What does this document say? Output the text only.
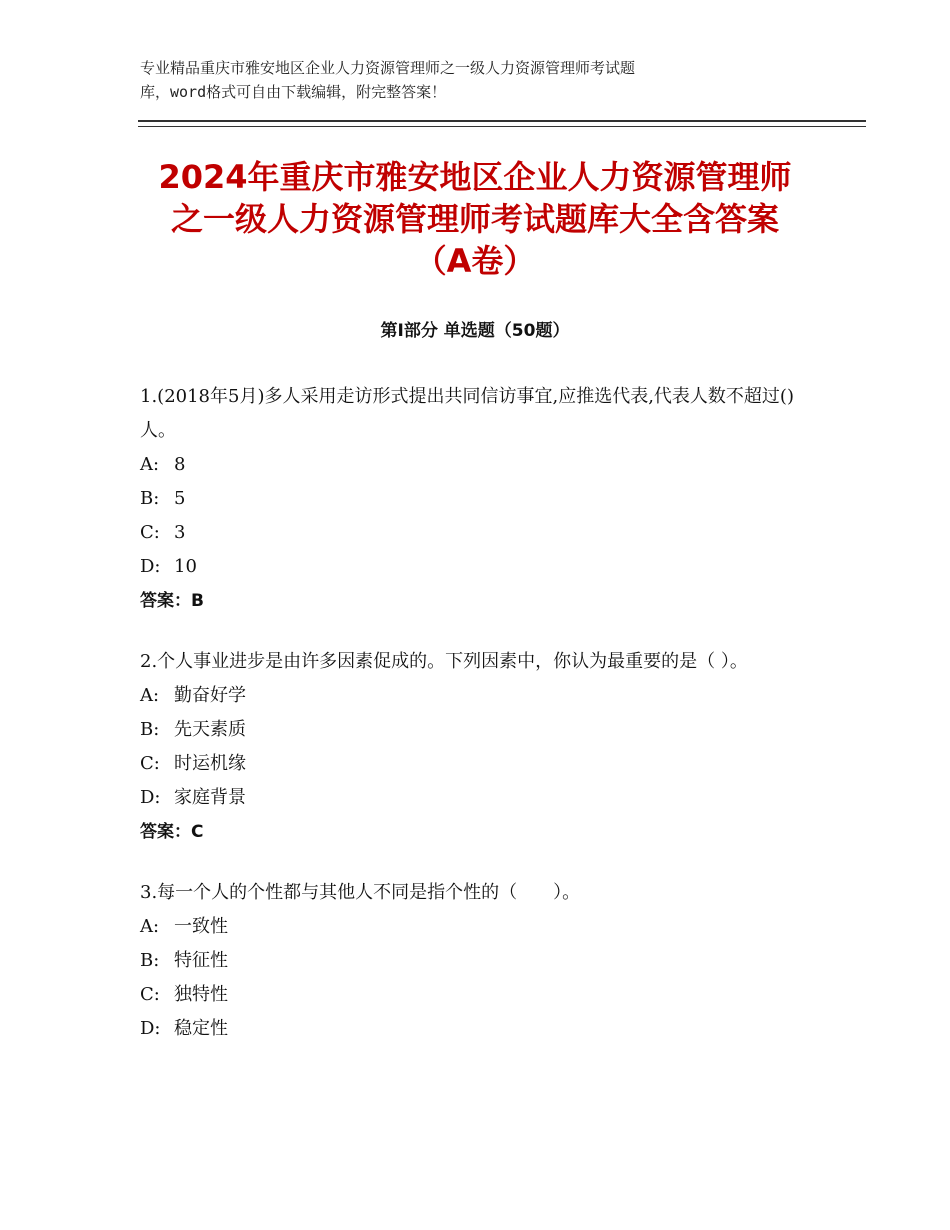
专业精品重庆市雅安地区企业人力资源管理师之一级人力资源管理师考试题
库，word格式可自由下载编辑，附完整答案！
2024年重庆市雅安地区企业人力资源管理师
之一级人力资源管理师考试题库大全含答案
（A卷）
第Ⅰ部分 单选题（50题）
1.(2018年5月)多人采用走访形式提出共同信访事宜,应推选代表,代表人数不超过()人。
A: 8
B: 5
C: 3
D: 10
答案：B
2.个人事业进步是由许多因素促成的。下列因素中，你认为最重要的是（ ）。
A: 勤奋好学
B: 先天素质
C: 时运机缘
D: 家庭背景
答案：C
3.每一个人的个性都与其他人不同是指个性的（　　）。
A: 一致性
B: 特征性
C: 独特性
D: 稳定性
